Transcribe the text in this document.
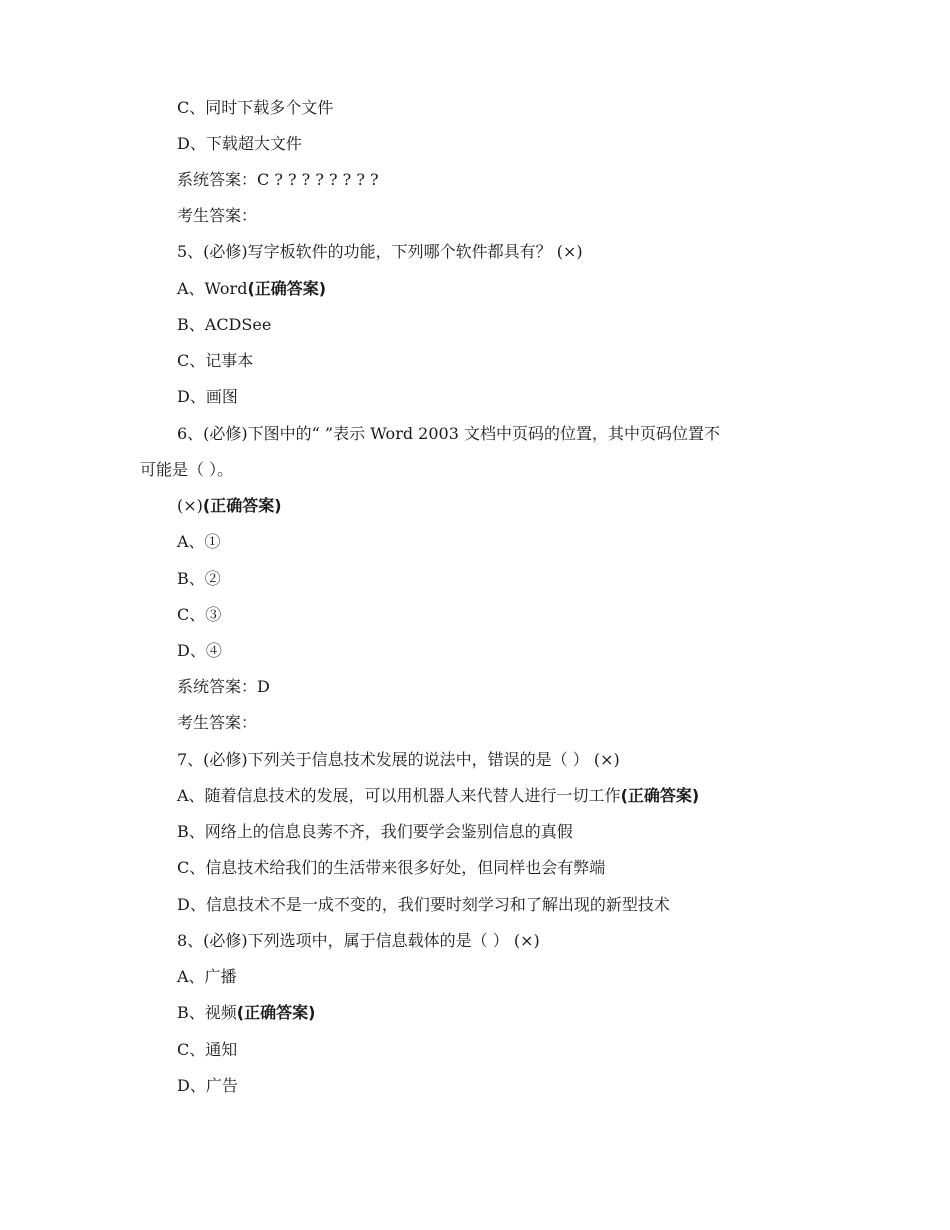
C、同时下载多个文件
D、下载超大文件
系统答案：C ? ? ? ? ? ? ? ?
考生答案：
5、(必修)写字板软件的功能，下列哪个软件都具有？ (×)
A、Word(正确答案)
B、ACDSee
C、记事本
D、画图
6、(必修)下图中的“ ”表示 Word 2003 文档中页码的位置，其中页码位置不
可能是（ ）。
(×)(正确答案)
A、①
B、②
C、③
D、④
系统答案：D
考生答案：
7、(必修)下列关于信息技术发展的说法中，错误的是（ ） (×)
A、随着信息技术的发展，可以用机器人来代替人进行一切工作(正确答案)
B、网络上的信息良莠不齐，我们要学会鉴别信息的真假
C、信息技术给我们的生活带来很多好处，但同样也会有弊端
D、信息技术不是一成不变的，我们要时刻学习和了解出现的新型技术
8、(必修)下列选项中，属于信息载体的是（ ） (×)
A、广播
B、视频(正确答案)
C、通知
D、广告
